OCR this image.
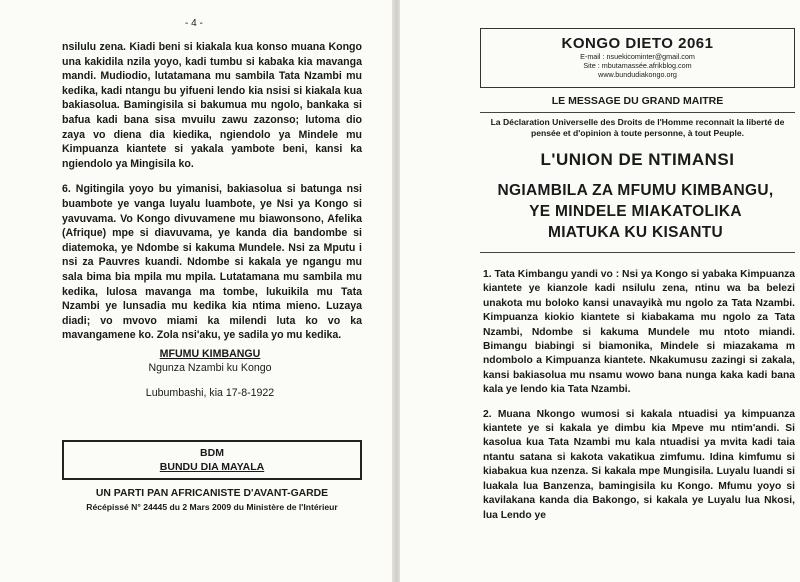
- 4 -

nsilulu zena. Kiadi beni si kiakala kua konso muana Kongo una kakidila nzila yoyo, kadi tumbu si kabaka kia mavanga mandi. Mudiodio, lutatamana mu sambila Tata Nzambi mu kedika, kadi ntangu bu yifueni lendo kia nsisi si kiakala kua bakiasolua. Bamingisila si bakumua mu ngolo, bankaka si bafua kadi bana sisa mvuilu zawu zazonso; lutoma dio zaya vo diena dia kiedika, ngiendolo ya Mindele mu Kimpuanza kiantete si yakala yambote beni, kansi ka ngiendolo ya Mingisila ko.

6. Ngitingila yoyo bu yimanisi, bakiasolua si batunga nsi buambote ye vanga luyalu luambote, ye Nsi ya Kongo si yavuvama. Vo Kongo divuvamene mu biawonsono, Afelika (Afrique) mpe si diavuvama, ye kanda dia bandombe si diatemoka, ye Ndombe si kakuma Mundele. Nsi za Mputu i nsi za Pauvres kuandi. Ndombe si kakala ye ngangu mu sala bima bia mpila mu mpila. Lutatamana mu sambila mu kedika, lulosa mavanga ma tombe, lukuikila mu Tata Nzambi ye lunsadia mu kedika kia ntima mieno. Luzaya diadi; vo mvovo miami ka milendi luta ko vo ka mavangamene ko. Zola nsi'aku, ye sadila yo mu kedika.

MFUMU KIMBANGU
Ngunza Nzambi ku Kongo
Lubumbashi, kia 17-8-1922
BDM
BUNDU DIA MAYALA
UN PARTI PAN AFRICANISTE D'AVANT-GARDE
Récépissé N° 24445 du 2 Mars 2009 du Ministère de l'Intérieur
KONGO DIETO 2061
E-mail : nsuekicominter@gmail.com
Site : mbutamassée.afrikblog.com
www.bundudiakongo.org
LE MESSAGE DU GRAND MAITRE
La Déclaration Universelle des Droits de l'Homme reconnait la liberté de pensée et d'opinion à toute personne, à tout Peuple.
L'UNION DE NTIMANSI
NGIAMBILA ZA MFUMU KIMBANGU,
YE MINDELE MIAKATOLIKA
MIATUKA KU KISANTU

1. Tata Kimbangu yandi vo : Nsi ya Kongo si yabaka Kimpuanza kiantete ye kianzole kadi nsilulu zena, ntinu wa ba belezi unakota mu boloko kansi unavayikà mu ngolo za Tata Nzambi. Kimpuanza kiokio kiantete si kiabakama mu ngolo za Tata Nzambi, Ndombe si kakuma Mundele mu ntoto miandi. Bimangu biabingi si biamonika, Mindele si miazakama m ndombolo a Kimpuanza kiantete. Nkakumusu zazingi si zakala, kansi bakiasolua mu nsamu wowo bana nunga kaka kadi bana kala ye lendo kia Tata Nzambi.

2. Muana Nkongo wumosi si kakala ntuadisi ya kimpuanza kiantete ye si kakala ye dimbu kia Mpeve mu ntim'andi. Si kasolua kua Tata Nzambi mu kala ntuadisi ya mvita kadi taia ntantu satana si kakota vakatikua zimfumu. Idina kimfumu si kiabakua kua nzenza. Si kakala mpe Mungisila. Luyalu luandi si luakala lua Banzenza, bamingisila ku Kongo. Mfumu yoyo si kavilakana kanda dia Bakongo, si kakala ye Luyalu lua Nkosi, lua Lendo ye
